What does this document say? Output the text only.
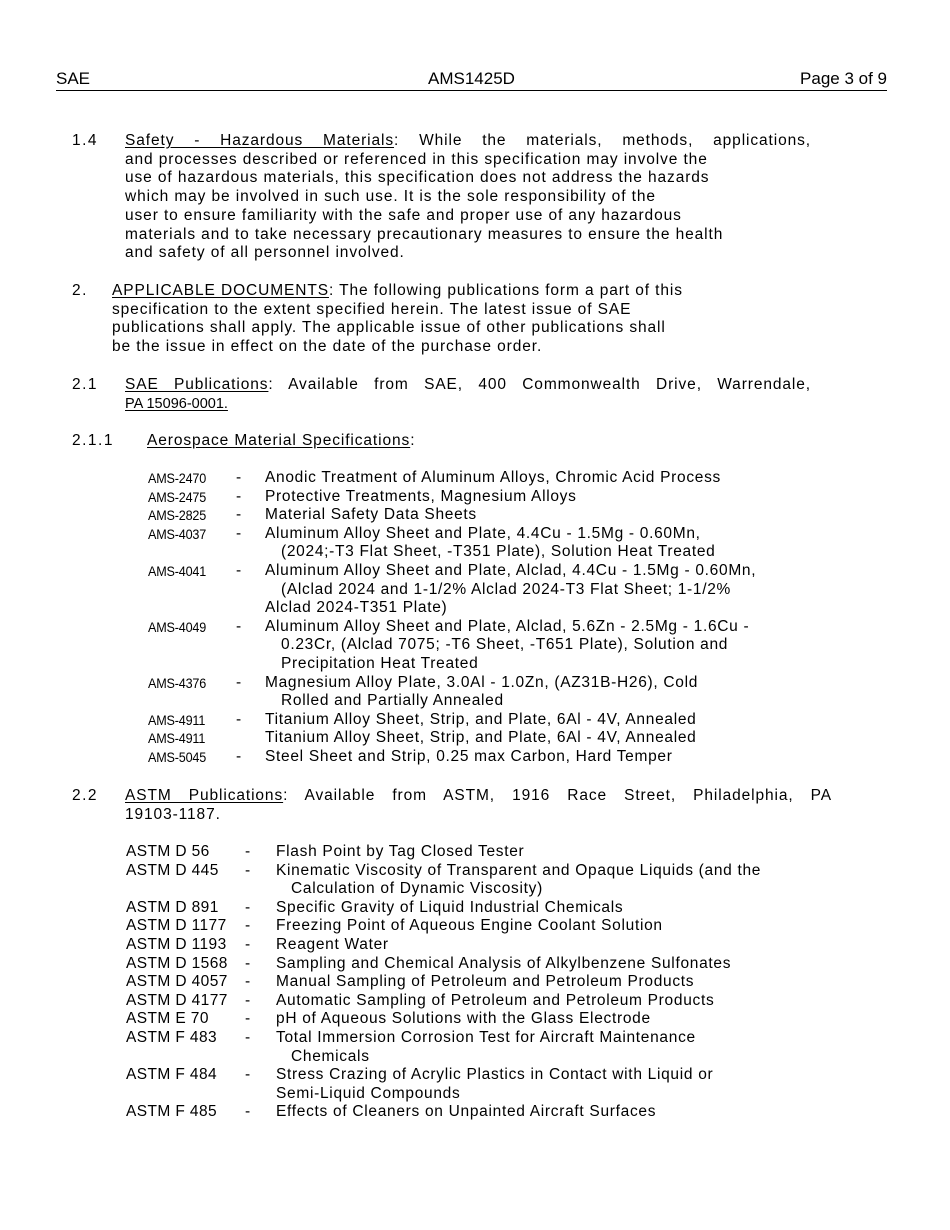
SAE	AMS1425D	Page 3 of 9
1.4 Safety - Hazardous Materials: While the materials, methods, applications,
and processes described or referenced in this specification may involve the
use of hazardous materials, this specification does not address the hazards
which may be involved in such use. It is the sole responsibility of the
user to ensure familiarity with the safe and proper use of any hazardous
materials and to take necessary precautionary measures to ensure the health
and safety of all personnel involved.
2. APPLICABLE DOCUMENTS: The following publications form a part of this
specification to the extent specified herein. The latest issue of SAE
publications shall apply. The applicable issue of other publications shall
be the issue in effect on the date of the purchase order.
2.1 SAE Publications: Available from SAE, 400 Commonwealth Drive, Warrendale,
PA 15096-0001.
2.1.1 Aerospace Material Specifications:
AMS-2470 - Anodic Treatment of Aluminum Alloys, Chromic Acid Process
AMS-2475 - Protective Treatments, Magnesium Alloys
AMS-2825 - Material Safety Data Sheets
AMS-4037 - Aluminum Alloy Sheet and Plate, 4.4Cu - 1.5Mg - 0.60Mn,
(2024;-T3 Flat Sheet, -T351 Plate), Solution Heat Treated
AMS-4041 - Aluminum Alloy Sheet and Plate, Alclad, 4.4Cu - 1.5Mg - 0.60Mn,
(Alclad 2024 and 1-1/2% Alclad 2024-T3 Flat Sheet; 1-1/2%
Alclad 2024-T351 Plate)
AMS-4049 - Aluminum Alloy Sheet and Plate, Alclad, 5.6Zn - 2.5Mg - 1.6Cu -
0.23Cr, (Alclad 7075; -T6 Sheet, -T651 Plate), Solution and
Precipitation Heat Treated
AMS-4376 - Magnesium Alloy Plate, 3.0Al - 1.0Zn, (AZ31B-H26), Cold
Rolled and Partially Annealed
AMS-4911 - Titanium Alloy Sheet, Strip, and Plate, 6Al - 4V, Annealed
AMS-4911	Titanium Alloy Sheet, Strip, and Plate, 6Al - 4V, Annealed
AMS-5045 - Steel Sheet and Strip, 0.25 max Carbon, Hard Temper
2.2 ASTM Publications: Available from ASTM, 1916 Race Street, Philadelphia, PA
19103-1187.
ASTM D 56 - Flash Point by Tag Closed Tester
ASTM D 445 - Kinematic Viscosity of Transparent and Opaque Liquids (and the
Calculation of Dynamic Viscosity)
ASTM D 891 - Specific Gravity of Liquid Industrial Chemicals
ASTM D 1177 - Freezing Point of Aqueous Engine Coolant Solution
ASTM D 1193 - Reagent Water
ASTM D 1568 - Sampling and Chemical Analysis of Alkylbenzene Sulfonates
ASTM D 4057 - Manual Sampling of Petroleum and Petroleum Products
ASTM D 4177 - Automatic Sampling of Petroleum and Petroleum Products
ASTM E 70 - pH of Aqueous Solutions with the Glass Electrode
ASTM F 483 - Total Immersion Corrosion Test for Aircraft Maintenance
Chemicals
ASTM F 484 - Stress Crazing of Acrylic Plastics in Contact with Liquid or
Semi-Liquid Compounds
ASTM F 485 - Effects of Cleaners on Unpainted Aircraft Surfaces
